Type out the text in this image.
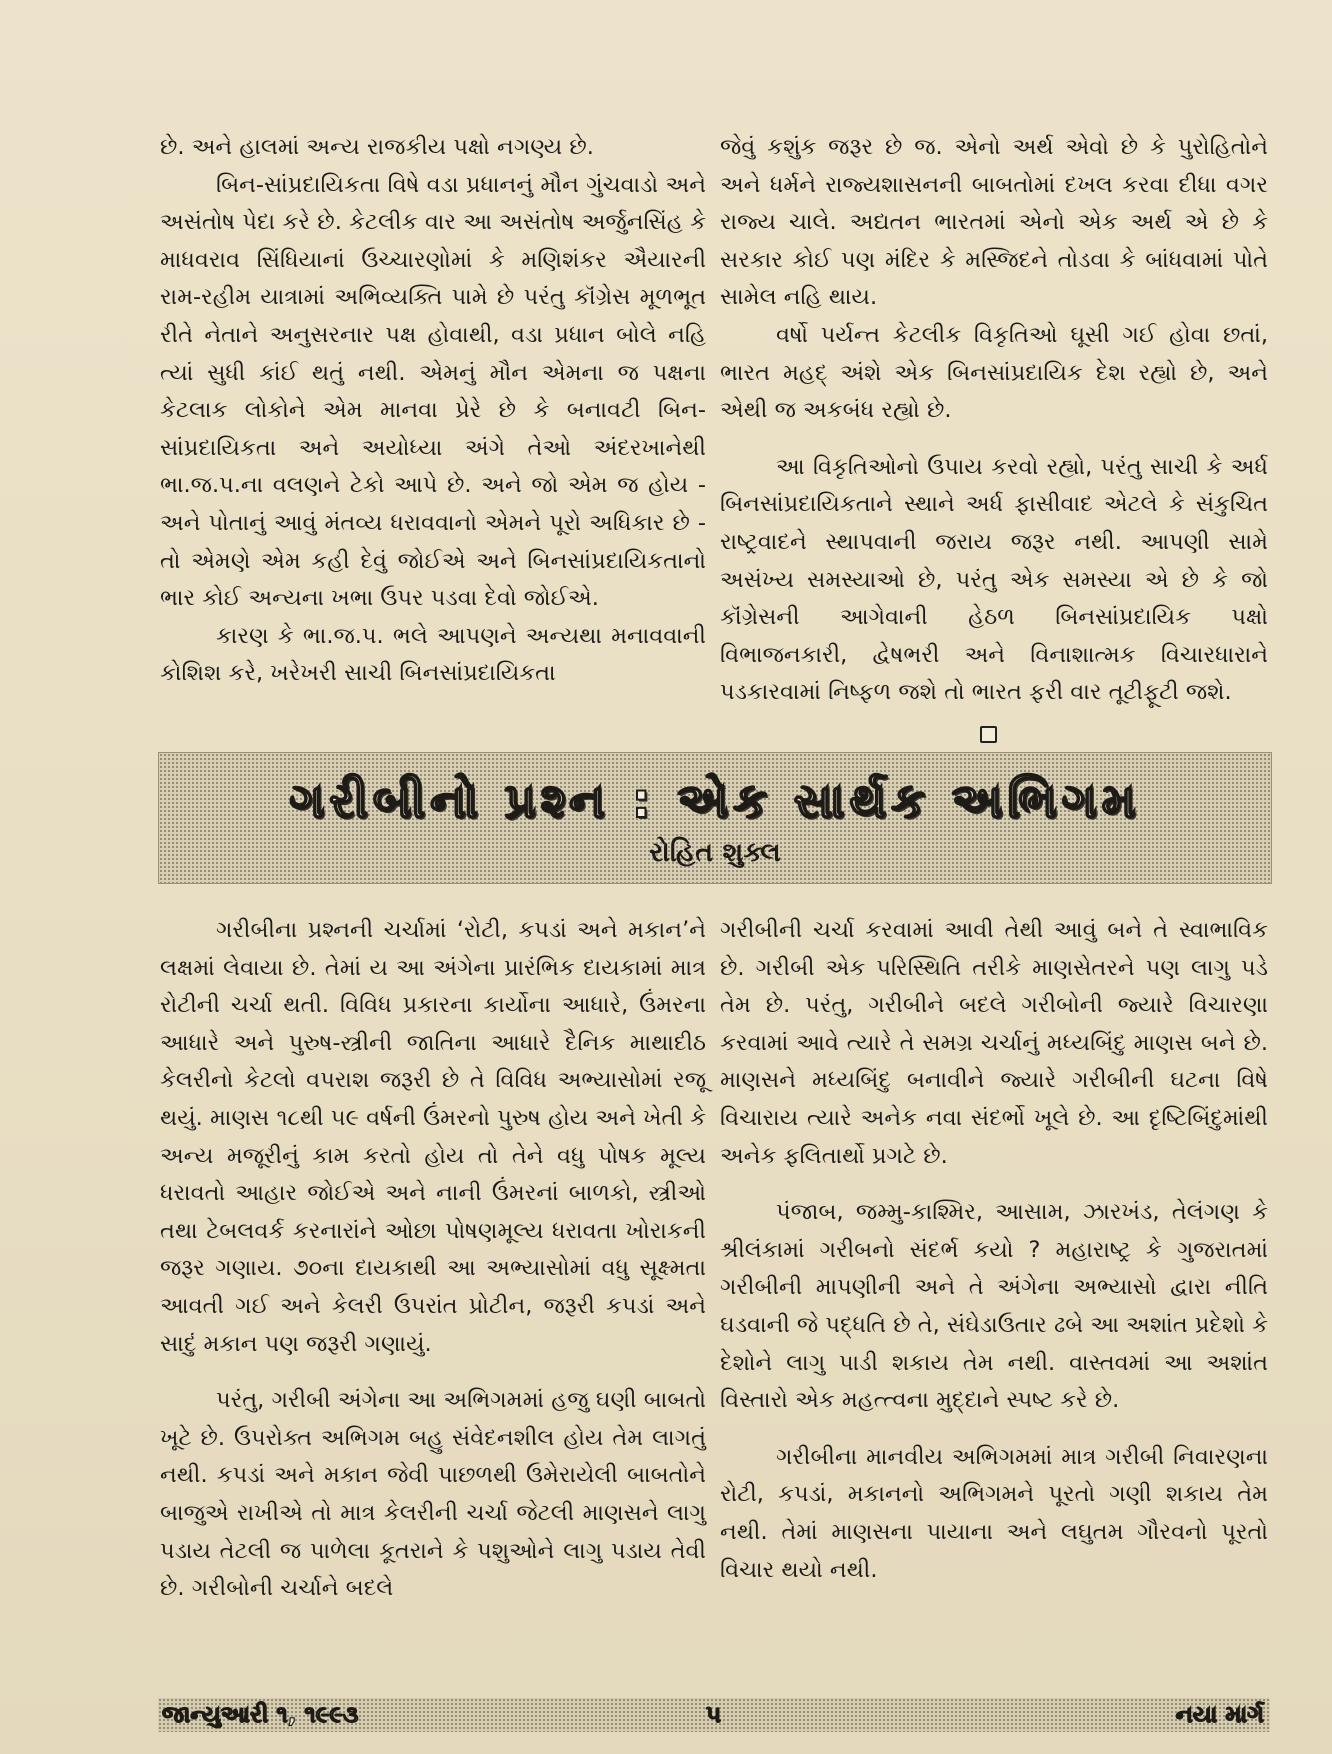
છે. અને હાલમાં અન્ય રાજકીય પક્ષો નગણ્ય છે.

બિન-સાંપ્રદાયિકતા વિષે વડા પ્રધાનનું મૌન ગુંચવાડો અને અસંતોષ પેદા કરે છે. કેટલીક વાર આ અસંતોષ અર્જુનસિંહ કે માધવરાવ સિંધિયાનાં ઉચ્ચારણોમાં કે મણિશંકર ઐયારની રામ-રહીમ યાત્રામાં અભિવ્યક્તિ પામે છે પરંતુ કૉંગ્રેસ મૂળભૂત રીતે નેતાને અનુસરનાર પક્ષ હોવાથી, વડા પ્રધાન બોલે નહિ ત્યાં સુધી કાંઈ થતું નથી. એમનું મૌન એમના જ પક્ષના કેટલાક લોકોને એમ માનવા પ્રેરે છે કે બનાવટી બિન-સાંપ્રદાયિકતા અને અયોધ્યા અંગે તેઓ અંદરખાનેથી ભા.જ.પ.ના વલણને ટેકો આપે છે. અને જો એમ જ હોય - અને પોતાનું આવું મંતવ્ય ધરાવવાનો એમને પૂરો અધિકાર છે - તો એમણે એમ કહી દેવું જોઈએ અને બિનસાંપ્રદાયિકતાનો ભાર કોઈ અન્યના ખભા ઉપર પડવા દેવો જોઈએ.

કારણ કે ભા.જ.પ. ભલે આપણને અન્યથા મનાવવાની કોશિશ કરે, ખરેખરી સાચી બિનસાંપ્રદાયિકતા

જેવું કશુંક જરૂર છે જ. એનો અર્થ એવો છે કે પુરોહિતોને અને ધર્મને રાજ્યશાસનની બાબતોમાં દખલ કરવા દીધા વગર રાજ્ય ચાલે. અદ્યતન ભારતમાં એનો એક અર્થ એ છે કે સરકાર કોઈ પણ મંદિર કે મસ્જિદને તોડવા કે બાંધવામાં પોતે સામેલ નહિ થાય.

વર્ષો પર્યન્ત કેટલીક વિકૃતિઓ ઘૂસી ગઈ હોવા છતાં, ભારત મહદ્ અંશે એક બિનસાંપ્રદાયિક દેશ રહ્યો છે, અને એથી જ અકબંધ રહ્યો છે.

આ વિકૃતિઓનો ઉપાય કરવો રહ્યો, પરંતુ સાચી કે અર્ધ બિનસાંપ્રદાયિકતાને સ્થાને અર્ધ ફાસીવાદ એટલે કે સંકુચિત રાષ્ટ્રવાદને સ્થાપવાની જરાય જરૂર નથી. આપણી સામે અસંખ્ય સમસ્યાઓ છે, પરંતુ એક સમસ્યા એ છે કે જો કૉંગ્રેસની આગેવાની હેઠળ બિનસાંપ્રદાયિક પક્ષો વિભાજનકારી, દ્વેષભરી અને વિનાશાત્મક વિચારધારાને પડકારવામાં નિષ્ફળ જશે તો ભારત ફરી વાર તૂટીફૂટી જશે.

ગરીબીનો પ્રશ્ન : એક સાર્થક અભિગમ
રોહિત શુક્લ

ગરીબીના પ્રશ્નની ચર્ચામાં ‘રોટી, કપડાં અને મકાન’ને લક્ષમાં લેવાયા છે. તેમાં ય આ અંગેના પ્રારંભિક દાયકામાં માત્ર રોટીની ચર્ચા થતી. વિવિધ પ્રકારના કાર્યોના આધારે, ઉંમરના આધારે અને પુરુષ-સ્ત્રીની જાતિના આધારે દૈનિક માથાદીઠ કેલરીનો કેટલો વપરાશ જરૂરી છે તે વિવિધ અભ્યાસોમાં રજૂ થયું. માણસ ૧૮થી ૫૯ વર્ષની ઉંમરનો પુરુષ હોય અને ખેતી કે અન્ય મજૂરીનું કામ કરતો હોય તો તેને વધુ પોષક મૂલ્ય ધરાવતો આહાર જોઈએ અને નાની ઉંમરનાં બાળકો, સ્ત્રીઓ તથા ટેબલવર્ક કરનારાંને ઓછા પોષણમૂલ્ય ધરાવતા ખોરાકની જરૂર ગણાય. ૭૦ના દાયકાથી આ અભ્યાસોમાં વધુ સૂક્ષ્મતા આવતી ગઈ અને કેલરી ઉપરાંત પ્રોટીન, જરૂરી કપડાં અને સાદું મકાન પણ જરૂરી ગણાયું.

પરંતુ, ગરીબી અંગેના આ અભિગમમાં હજુ ઘણી બાબતો ખૂટે છે. ઉપરોક્ત અભિગમ બહુ સંવેદનશીલ હોય તેમ લાગતું નથી. કપડાં અને મકાન જેવી પાછળથી ઉમેરાયેલી બાબતોને બાજુએ રાખીએ તો માત્ર કેલરીની ચર્ચા જેટલી માણસને લાગુ પડાય તેટલી જ પાળેલા કૂતરાને કે પશુઓને લાગુ પડાય તેવી છે. ગરીબોની ચર્ચાને બદલે

ગરીબીની ચર્ચા કરવામાં આવી તેથી આવું બને તે સ્વાભાવિક છે. ગરીબી એક પરિસ્થિતિ તરીકે માણસેતરને પણ લાગુ પડે તેમ છે. પરંતુ, ગરીબીને બદલે ગરીબોની જ્યારે વિચારણા કરવામાં આવે ત્યારે તે સમગ્ર ચર્ચાનું મધ્યબિંદુ માણસ બને છે. માણસને મધ્યબિંદુ બનાવીને જ્યારે ગરીબીની ઘટના વિષે વિચારાય ત્યારે અનેક નવા સંદર્ભો ખૂલે છે. આ દૃષ્ટિબિંદુમાંથી અનેક ફલિતાર્થો પ્રગટે છે.

પંજાબ, જમ્મુ-કાશ્મિર, આસામ, ઝારખંડ, તેલંગણ કે શ્રીલંકામાં ગરીબનો સંદર્ભ કયો ? મહારાષ્ટ્ર કે ગુજરાતમાં ગરીબીની માપણીની અને તે અંગેના અભ્યાસો દ્વારા નીતિ ઘડવાની જે પદ્ધતિ છે તે, સંઘેડાઉતાર ઢબે આ અશાંત પ્રદેશો કે દેશોને લાગુ પાડી શકાય તેમ નથી. વાસ્તવમાં આ અશાંત વિસ્તારો એક મહત્ત્વના મુદ્દાને સ્પષ્ટ કરે છે.

ગરીબીના માનવીય અભિગમમાં માત્ર ગરીબી નિવારણના રોટી, કપડાં, મકાનનો અભિગમને પૂરતો ગણી શકાય તેમ નથી. તેમાં માણસના પાયાના અને લઘુતમ ગૌરવનો પૂરતો વિચાર થયો નથી.

જાન્યુઆરી ૧, ૧૯૯૩	૫	નયા માર્ગ
